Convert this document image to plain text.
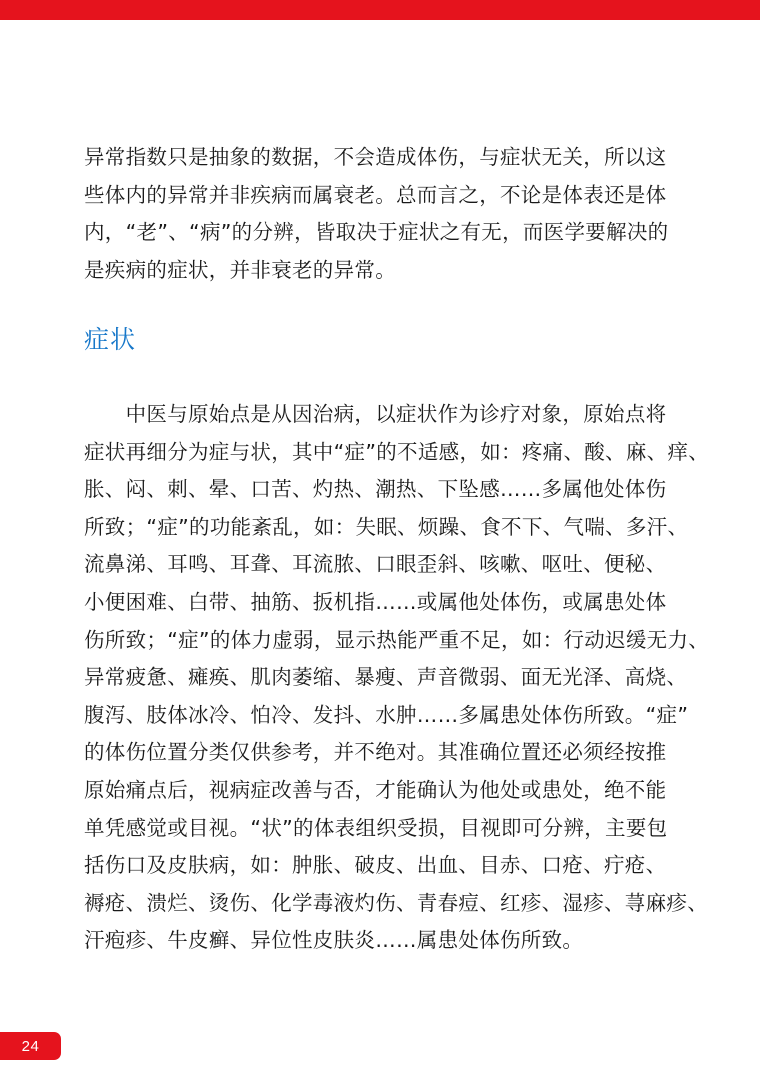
异常指数只是抽象的数据，不会造成体伤，与症状无关，所以这

些体内的异常并非疾病而属衰老。总而言之，不论是体表还是体

内，“老”、“病”的分辨，皆取决于症状之有无，而医学要解决的

是疾病的症状，并非衰老的异常。

症状

　　中医与原始点是从因治病，以症状作为诊疗对象，原始点将

症状再细分为症与状，其中“症”的不适感，如：疼痛、酸、麻、痒、

胀、闷、刺、晕、口苦、灼热、潮热、下坠感……多属他处体伤

所致；“症”的功能紊乱，如：失眠、烦躁、食不下、气喘、多汗、

流鼻涕、耳鸣、耳聋、耳流脓、口眼歪斜、咳嗽、呕吐、便秘、

小便困难、白带、抽筋、扳机指……或属他处体伤，或属患处体

伤所致；“症”的体力虚弱，显示热能严重不足，如：行动迟缓无力、

异常疲惫、瘫痪、肌肉萎缩、暴瘦、声音微弱、面无光泽、高烧、

腹泻、肢体冰冷、怕冷、发抖、水肿……多属患处体伤所致。“症”

的体伤位置分类仅供参考，并不绝对。其准确位置还必须经按推

原始痛点后，视病症改善与否，才能确认为他处或患处，绝不能

单凭感觉或目视。“状”的体表组织受损，目视即可分辨，主要包

括伤口及皮肤病，如：肿胀、破皮、出血、目赤、口疮、疔疮、

褥疮、溃烂、烫伤、化学毒液灼伤、青春痘、红疹、湿疹、荨麻疹、

汗疱疹、牛皮癣、异位性皮肤炎……属患处体伤所致。

24
